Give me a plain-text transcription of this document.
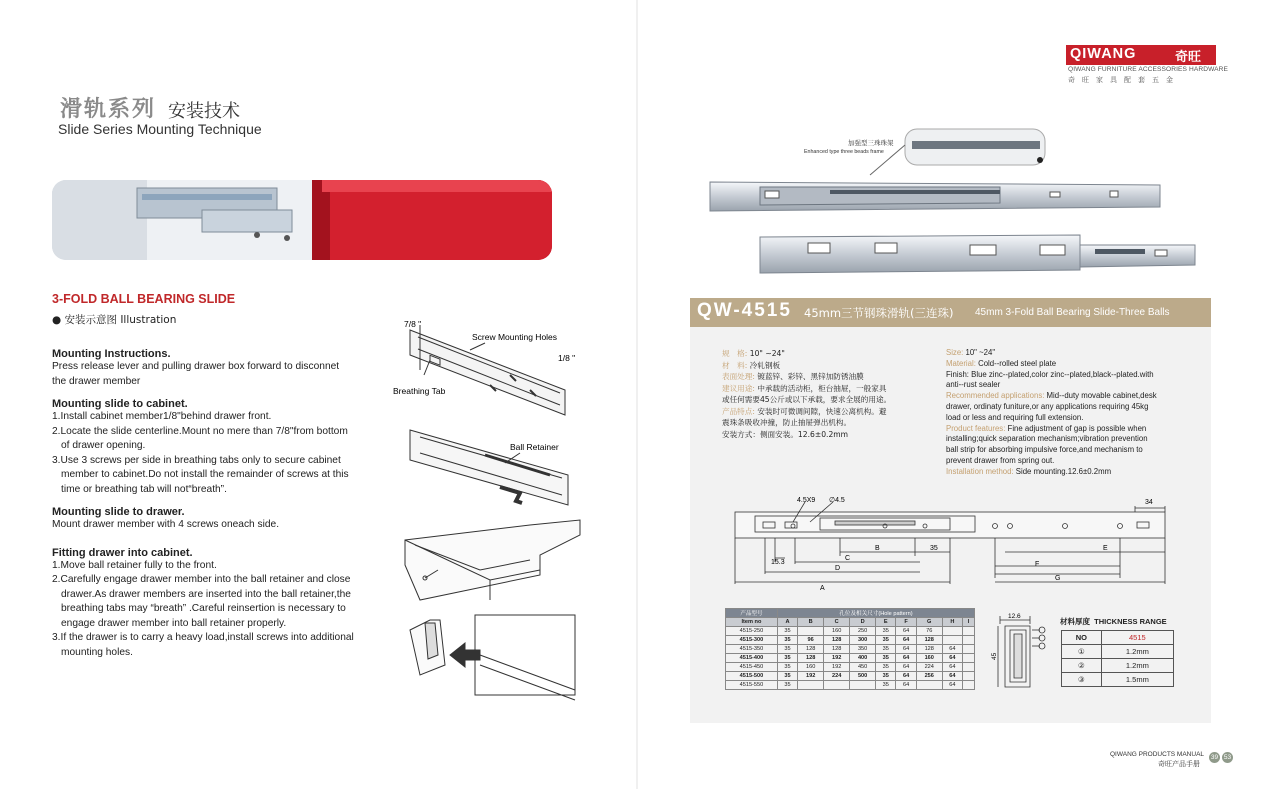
滑轨系列 安装技术
Slide Series Mounting Technique
3-FOLD BALL BEARING SLIDE
● 安装示意图 Illustration
Mounting Instructions.
Press release lever and pulling drawer box forward to disconnet
the drawer member
Mounting slide to cabinet.
1.Install cabinet member1/8"behind drawer front.
2.Locate the slide centerline.Mount no mere than 7/8"from bottom
of drawer opening.
3.Use 3 screws per side in breathing tabs only to secure cabinet
member to cabinet.Do not install the remainder of screws at this
time or breathing tab will not“breath”.
Mounting slide to drawer.
Mount drawer member with 4 screws oneach side.
Fitting drawer into cabinet.
1.Move ball retainer fully to the front.
2.Carefully engage drawer member into the ball retainer and close
drawer.As drawer members are inserted into the ball retainer,the
breathing tabs may “breath” .Careful reinsertion is necessary to
engage drawer member into ball retainer properly.
3.If the drawer is to carry a heavy load,install screws into additional
mounting holes.
7/8 "
Screw Mounting Holes
1/8 "
Breathing Tab
Ball Retainer
QIWANG	奇旺
QIWANG FURNITURE ACCESSORIES HARDWARE
奇旺家具配套五金
加强型三珠珠架
Enhanced type three beads frame
QW-4515 45mm三节钢珠滑轨(三连珠) 45mm 3-Fold Ball Bearing Slide-Three Balls
规　格: 10" ~24"
材　料: 冷轧钢板
表面处理: 镀蓝锌、彩锌、黑锌加防锈油膜
建议用途: 中承载的活动柜，柜台抽屉，一般家具
或任何需要45公斤或以下承载，要求全展的用途。
产品特点: 安装时可微调间隙，快速公离机构。避
震珠条吸收冲撞，防止抽屉弹出机构。
安装方式：侧面安装。12.6±0.2mm
Size: 10" ~24"
Material: Cold--rolled steel plate
Finish: Blue zinc--plated,color zinc--plated,black--plated.with
anti--rust sealer
Recommended applications: Mid--duty movable cabinet,desk
drawer, ordinaty funiture,or any applications requiring 45kg
load or less and requiring full extension.
Product features: Fine adjustment of gap is possible when
installing;quick separation mechanism;vibration prevention
ball strip for absorbing impulsive force,and mechanism to
prevent drawer from spring out.
Installation method: Side mounting.12.6±0.2mm
4.5X9 ∅4.5	34
15.3
A
B
C
D
E
F
G
35
产品型号	孔位及相关尺寸(Hole pattern)								
Item no	A	B	C	D	E	F	G	H	I
4515-250	35		160	250	35	64	76		
4515-300	35	96	128	300	35	64	128		
4515-350	35	128	128	350	35	64	128	64	
4515-400	35	128	192	400	35	64	160	64	
4515-450	35	160	192	450	35	64	224	64	
4515-500	35	192	224	500	35	64	256	64	
4515-550	35				35	64		64	
12.6
45
材料厚度 THICKNESS RANGE
NO	4515
①	1.2mm
②	1.2mm
③	1.5mm
QIWANG PRODUCTS MANUAL
奇旺产品手册
39 53
